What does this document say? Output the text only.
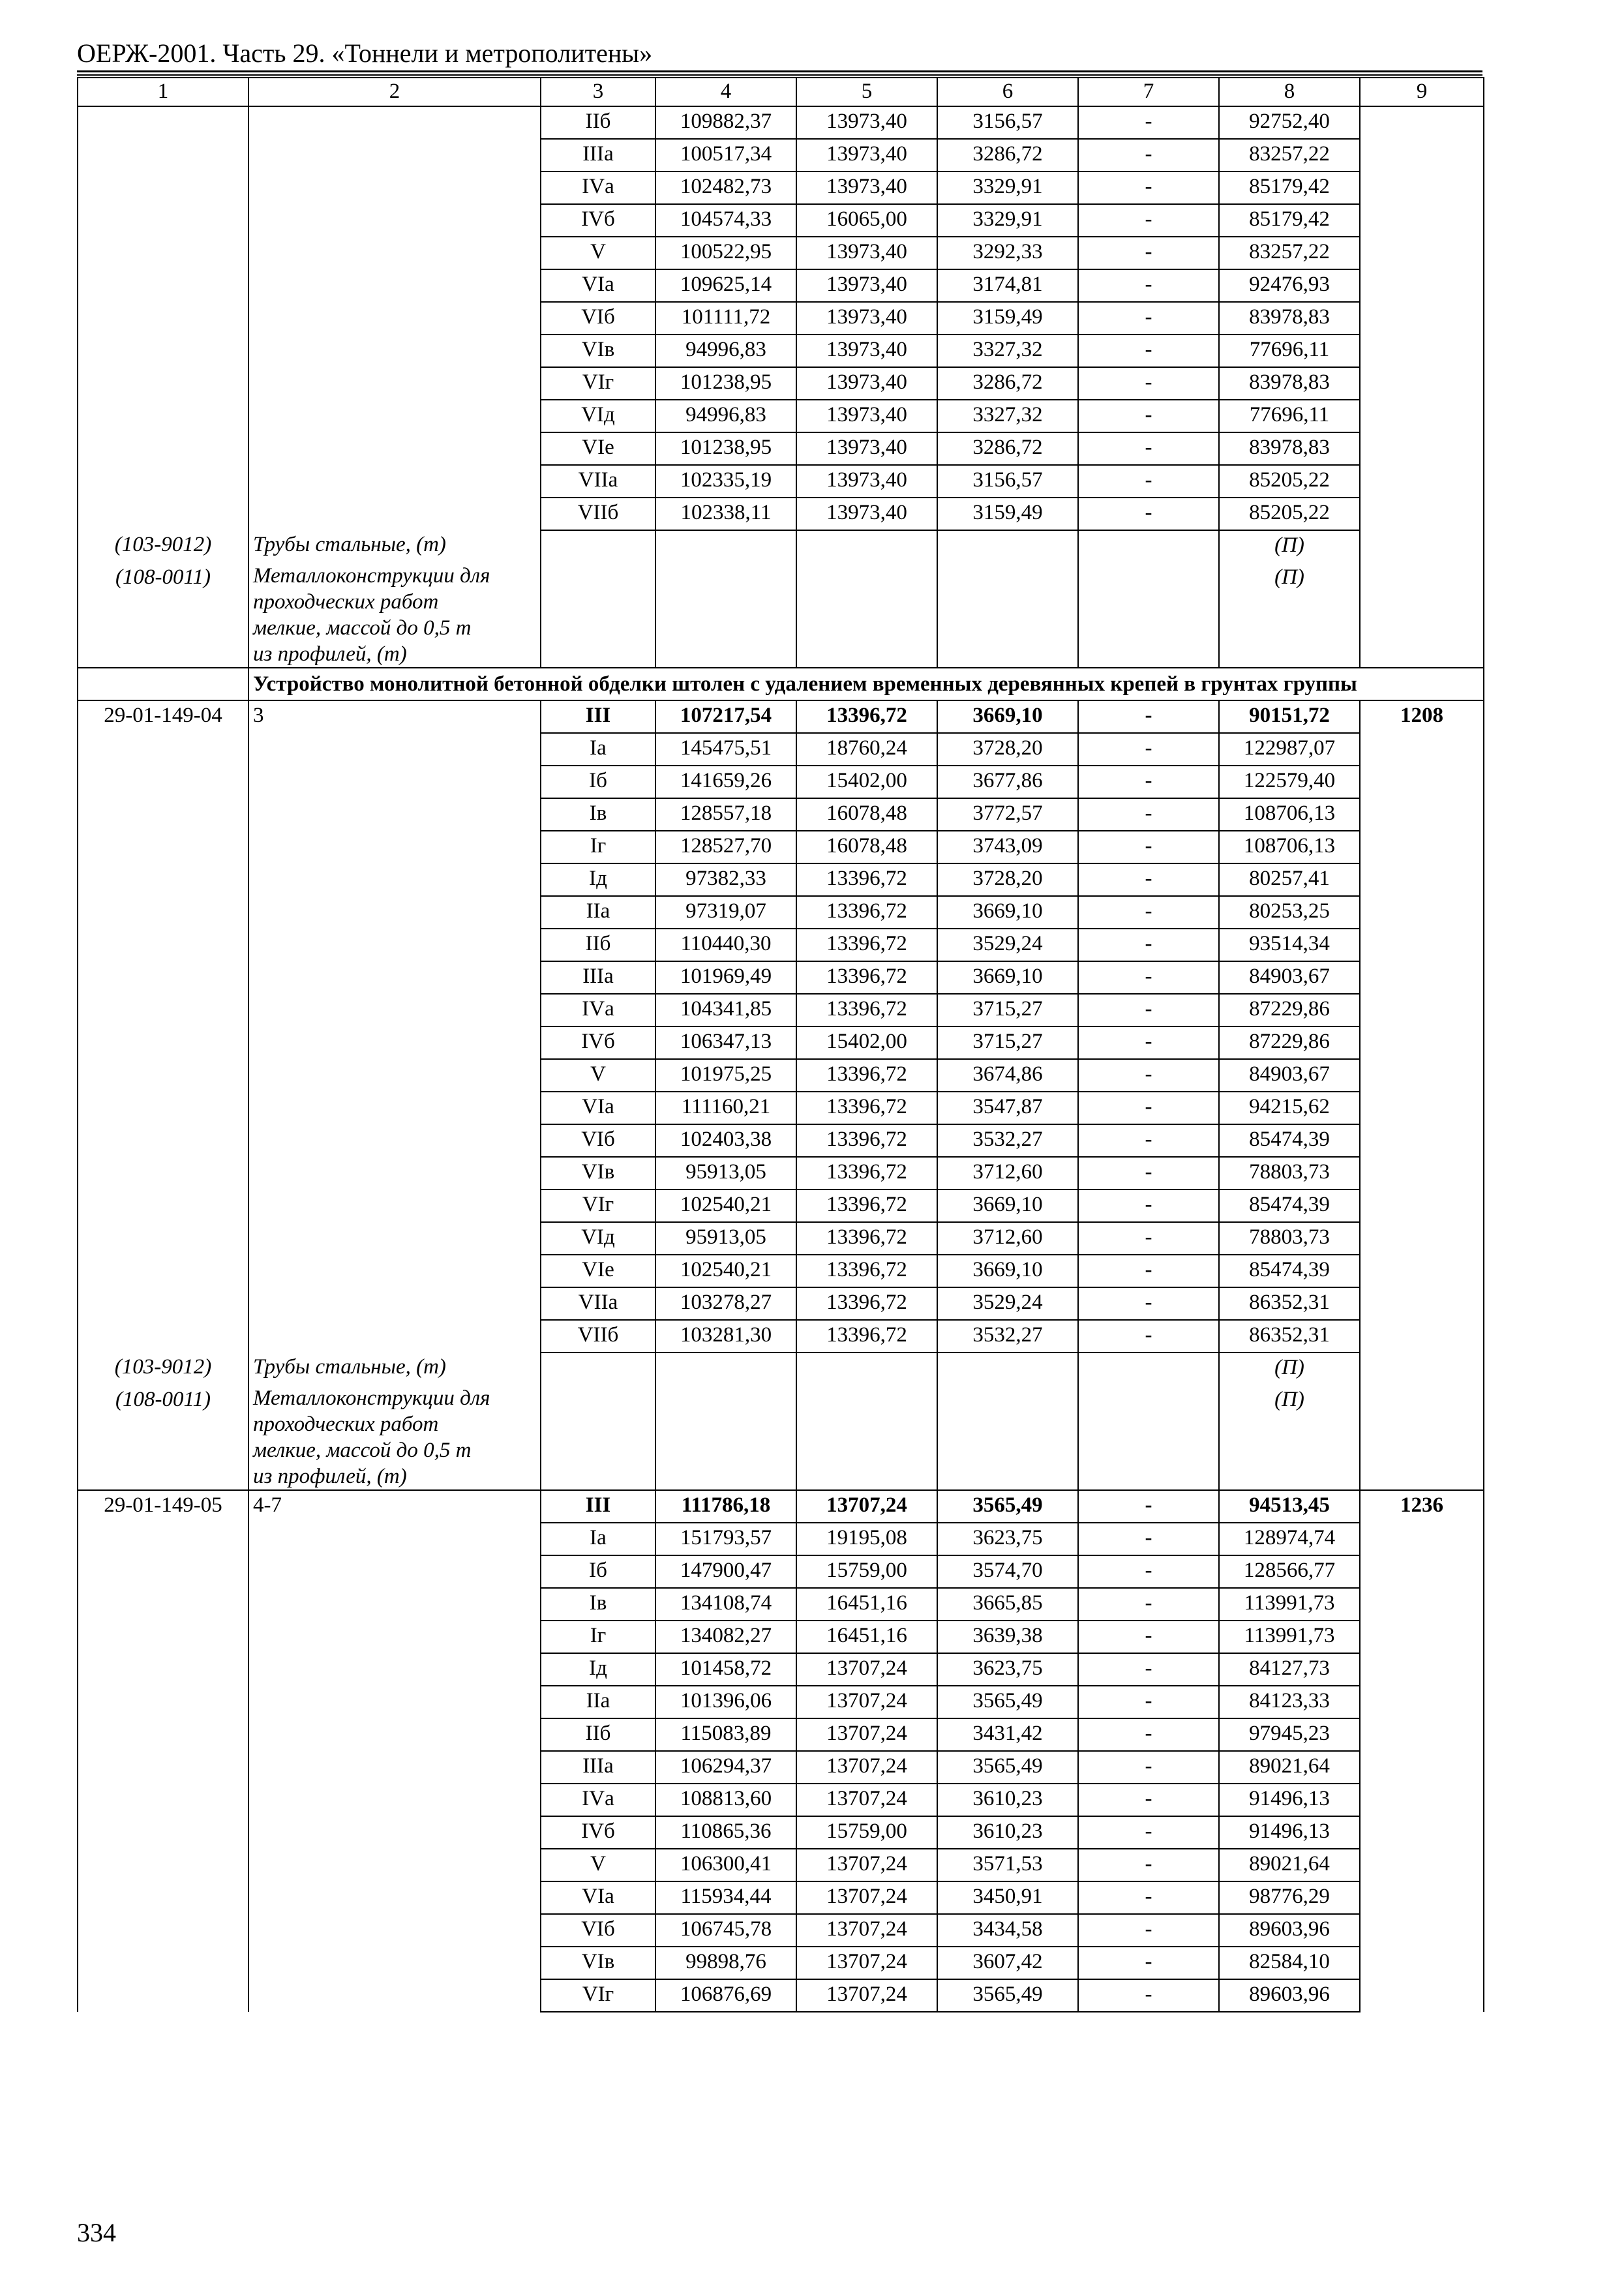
ОЕРЖ-2001. Часть 29. «Тоннели и метрополитены»
1	2	3	4	5	6	7	8	9
		IIб	109882,37	13973,40	3156,57	-	92752,40	
		IIIа	100517,34	13973,40	3286,72	-	83257,22	
		IVа	102482,73	13973,40	3329,91	-	85179,42	
		IVб	104574,33	16065,00	3329,91	-	85179,42	
		V	100522,95	13973,40	3292,33	-	83257,22	
		VIа	109625,14	13973,40	3174,81	-	92476,93	
		VIб	101111,72	13973,40	3159,49	-	83978,83	
		VIв	94996,83	13973,40	3327,32	-	77696,11	
		VIг	101238,95	13973,40	3286,72	-	83978,83	
		VIд	94996,83	13973,40	3327,32	-	77696,11	
		VIе	101238,95	13973,40	3286,72	-	83978,83	
		VIIа	102335,19	13973,40	3156,57	-	85205,22	
		VIIб	102338,11	13973,40	3159,49	-	85205,22	
(103-9012)	Трубы стальные, (т)						(П)	
(108-0011)	Металлоконструкции для
проходческих работ
мелкие, массой до 0,5 т
из профилей, (т)						(П)	
	Устройство монолитной бетонной обделки штолен с удалением временных деревянных крепей в грунтах группы							
29-01-149-04	3	III	107217,54	13396,72	3669,10	-	90151,72	1208
		Iа	145475,51	18760,24	3728,20	-	122987,07	
		Iб	141659,26	15402,00	3677,86	-	122579,40	
		Iв	128557,18	16078,48	3772,57	-	108706,13	
		Iг	128527,70	16078,48	3743,09	-	108706,13	
		Iд	97382,33	13396,72	3728,20	-	80257,41	
		IIа	97319,07	13396,72	3669,10	-	80253,25	
		IIб	110440,30	13396,72	3529,24	-	93514,34	
		IIIа	101969,49	13396,72	3669,10	-	84903,67	
		IVа	104341,85	13396,72	3715,27	-	87229,86	
		IVб	106347,13	15402,00	3715,27	-	87229,86	
		V	101975,25	13396,72	3674,86	-	84903,67	
		VIа	111160,21	13396,72	3547,87	-	94215,62	
		VIб	102403,38	13396,72	3532,27	-	85474,39	
		VIв	95913,05	13396,72	3712,60	-	78803,73	
		VIг	102540,21	13396,72	3669,10	-	85474,39	
		VIд	95913,05	13396,72	3712,60	-	78803,73	
		VIе	102540,21	13396,72	3669,10	-	85474,39	
		VIIа	103278,27	13396,72	3529,24	-	86352,31	
		VIIб	103281,30	13396,72	3532,27	-	86352,31	
(103-9012)	Трубы стальные, (т)						(П)	
(108-0011)	Металлоконструкции для
проходческих работ
мелкие, массой до 0,5 т
из профилей, (т)						(П)	
29-01-149-05	4-7	III	111786,18	13707,24	3565,49	-	94513,45	1236
		Iа	151793,57	19195,08	3623,75	-	128974,74	
		Iб	147900,47	15759,00	3574,70	-	128566,77	
		Iв	134108,74	16451,16	3665,85	-	113991,73	
		Iг	134082,27	16451,16	3639,38	-	113991,73	
		Iд	101458,72	13707,24	3623,75	-	84127,73	
		IIа	101396,06	13707,24	3565,49	-	84123,33	
		IIб	115083,89	13707,24	3431,42	-	97945,23	
		IIIа	106294,37	13707,24	3565,49	-	89021,64	
		IVа	108813,60	13707,24	3610,23	-	91496,13	
		IVб	110865,36	15759,00	3610,23	-	91496,13	
		V	106300,41	13707,24	3571,53	-	89021,64	
		VIа	115934,44	13707,24	3450,91	-	98776,29	
		VIб	106745,78	13707,24	3434,58	-	89603,96	
		VIв	99898,76	13707,24	3607,42	-	82584,10	
		VIг	106876,69	13707,24	3565,49	-	89603,96	
334
